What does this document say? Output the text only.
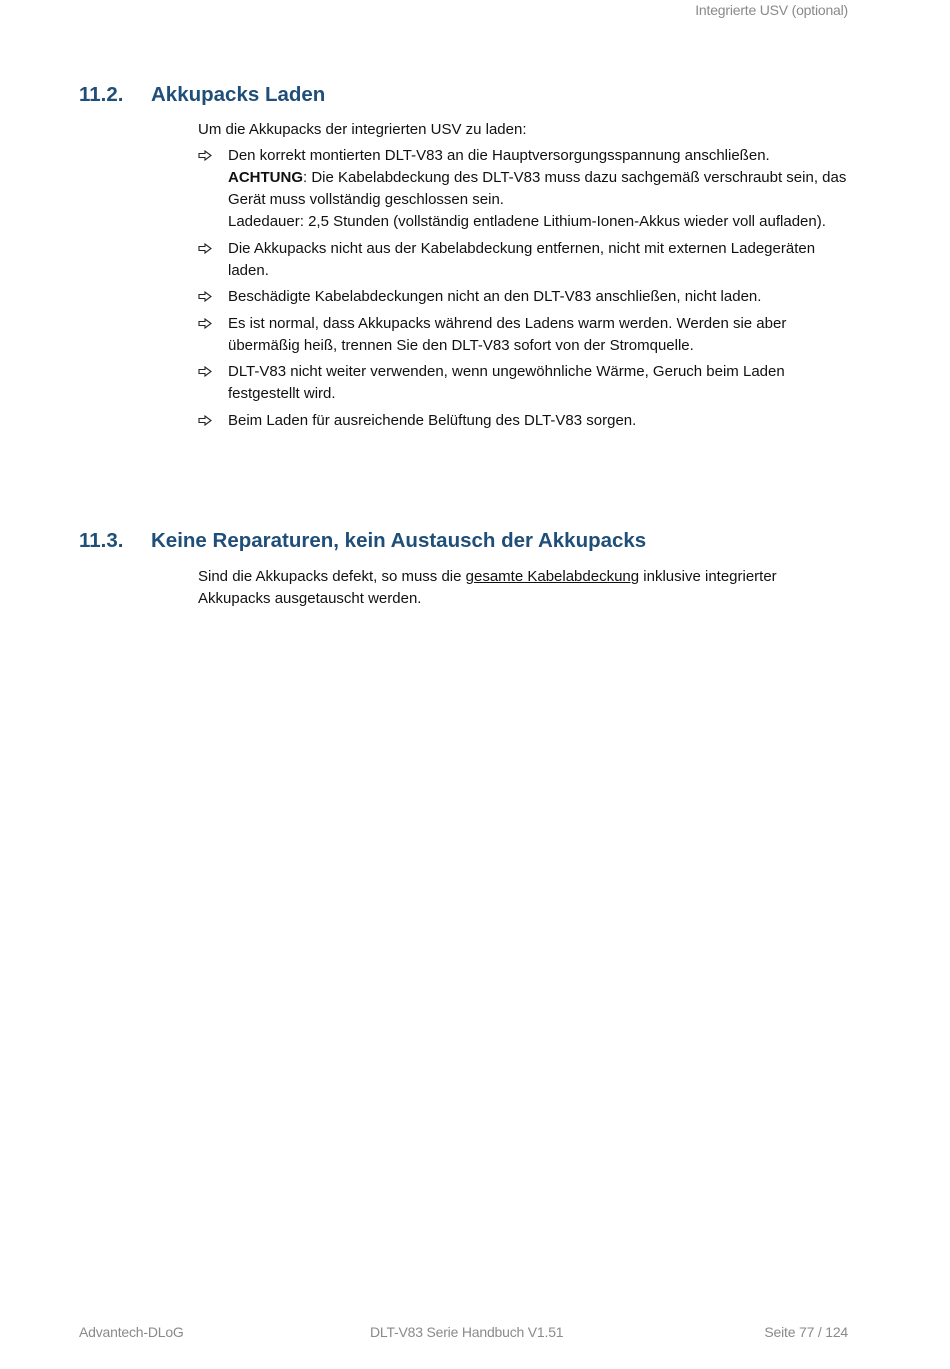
Integrierte USV (optional)
11.2. Akkupacks Laden

Um die Akkupacks der integrierten USV zu laden:

Den korrekt montierten DLT-V83 an die Hauptversorgungsspannung anschließen.
ACHTUNG: Die Kabelabdeckung des DLT-V83 muss dazu sachgemäß verschraubt sein, das Gerät muss vollständig geschlossen sein.
Ladedauer: 2,5 Stunden (vollständig entladene Lithium-Ionen-Akkus wieder voll aufladen).
Die Akkupacks nicht aus der Kabelabdeckung entfernen, nicht mit externen Ladegeräten laden.
Beschädigte Kabelabdeckungen nicht an den DLT-V83 anschließen, nicht laden.
Es ist normal, dass Akkupacks während des Ladens warm werden. Werden sie aber übermäßig heiß, trennen Sie den DLT-V83 sofort von der Stromquelle.
DLT-V83 nicht weiter verwenden, wenn ungewöhnliche Wärme, Geruch beim Laden festgestellt wird.
Beim Laden für ausreichende Belüftung des DLT-V83 sorgen.
11.3. Keine Reparaturen, kein Austausch der Akkupacks

Sind die Akkupacks defekt, so muss die gesamte Kabelabdeckung inklusive integrierter Akkupacks ausgetauscht werden.

Advantech-DLoG	DLT-V83 Serie Handbuch V1.51	Seite 77 / 124
